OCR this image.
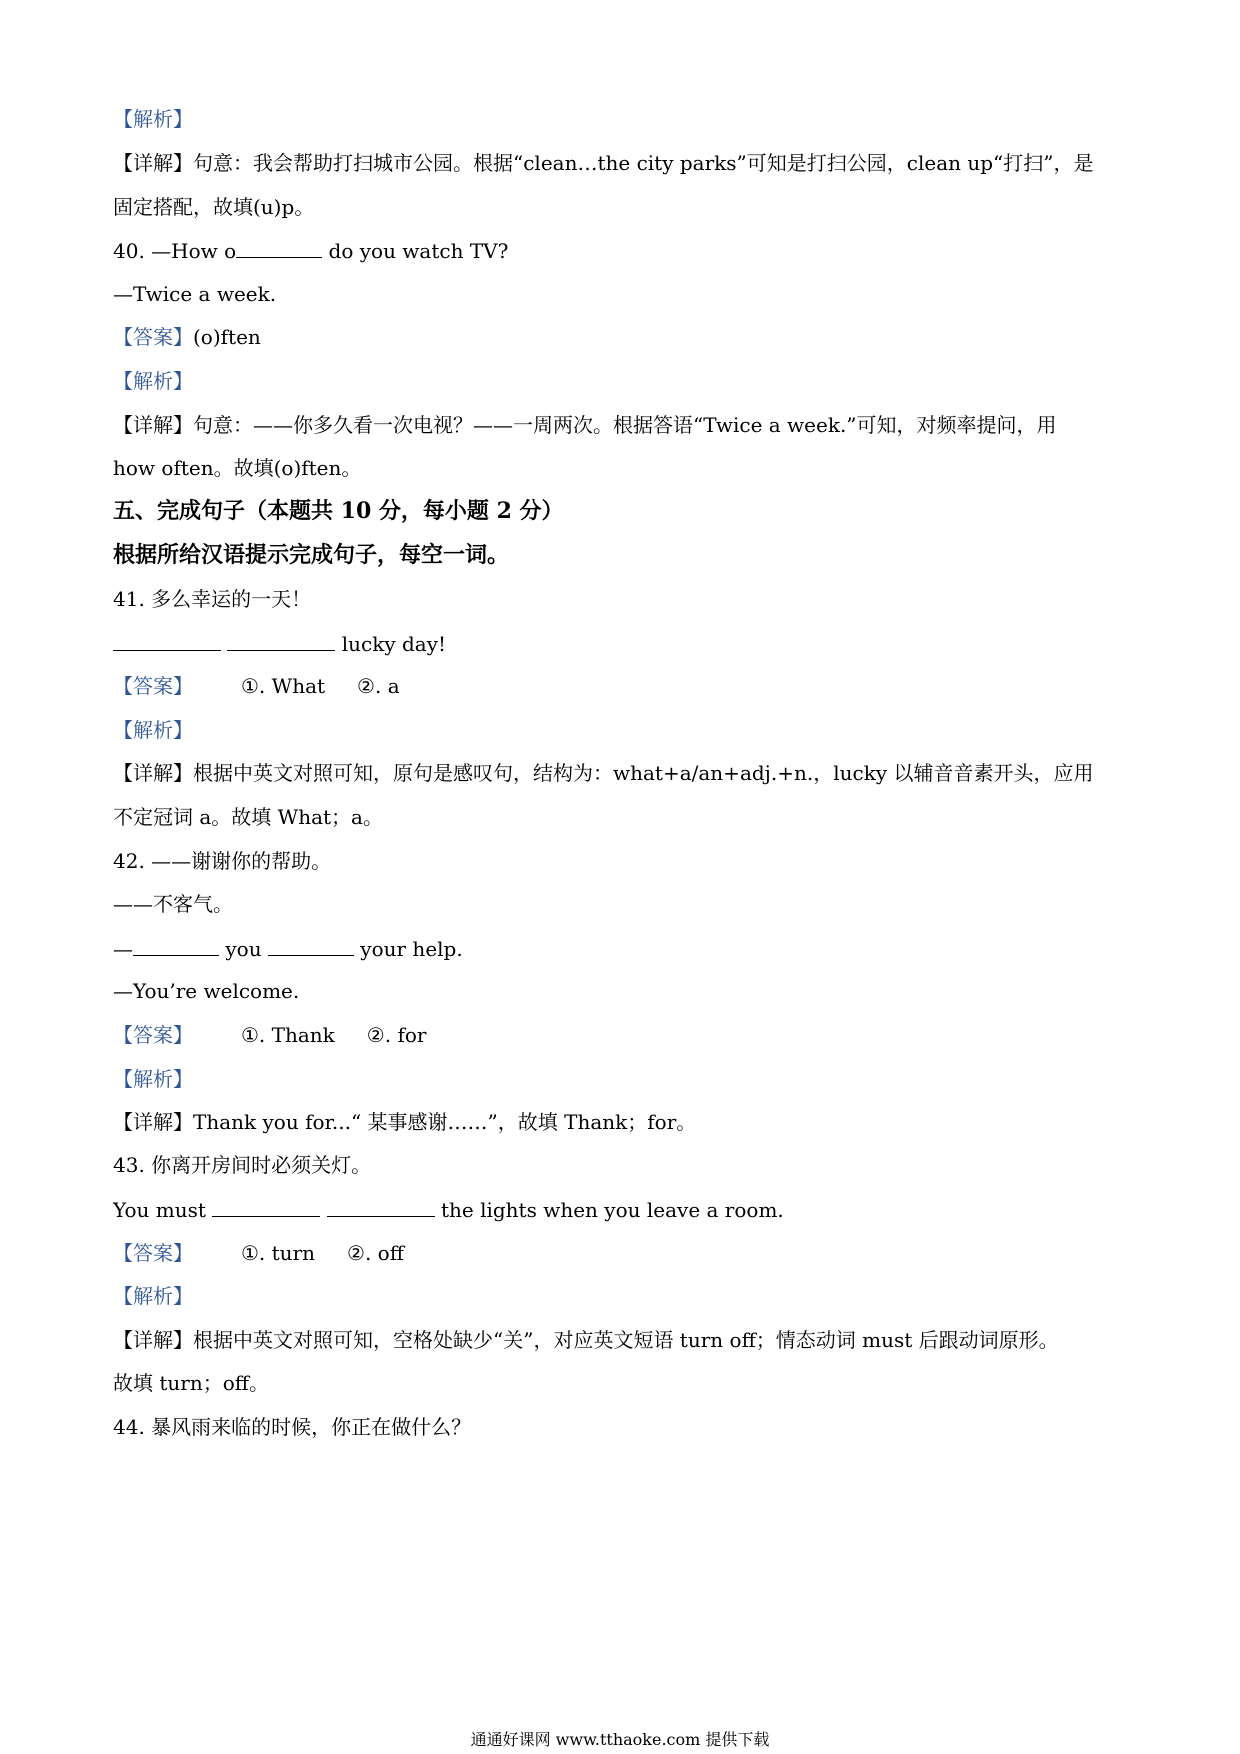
【解析】
【详解】句意：我会帮助打扫城市公园。根据“clean…the city parks”可知是打扫公园，clean up“打扫”，是
固定搭配，故填(u)p。
40. —How o	do you watch TV?
—Twice a week.
【答案】(o)ften
【解析】
【详解】句意：——你多久看一次电视？——一周两次。根据答语“Twice a week.”可知，对频率提问，用
how often。故填(o)ften。
五、完成句子（本题共 10 分，每小题 2 分）
根据所给汉语提示完成句子，每空一词。
41. 多么幸运的一天！
lucky day!
【答案】 ①. What ②. a
【解析】
【详解】根据中英文对照可知，原句是感叹句，结构为：what+a/an+adj.+n.，lucky 以辅音音素开头，应用
不定冠词 a。故填 What；a。
42. ——谢谢你的帮助。
——不客气。
—	you	your help.
—You’re welcome.
【答案】 ①. Thank ②. for
【解析】
【详解】Thank you for...“ 某事感谢……”，故填 Thank；for。
43. 你离开房间时必须关灯。
You must	the lights when you leave a room.
【答案】 ①. turn ②. off
【解析】
【详解】根据中英文对照可知，空格处缺少“关”，对应英文短语 turn off；情态动词 must 后跟动词原形。
故填 turn；off。
44. 暴风雨来临的时候，你正在做什么？
通通好课网 www.tthaoke.com 提供下载
